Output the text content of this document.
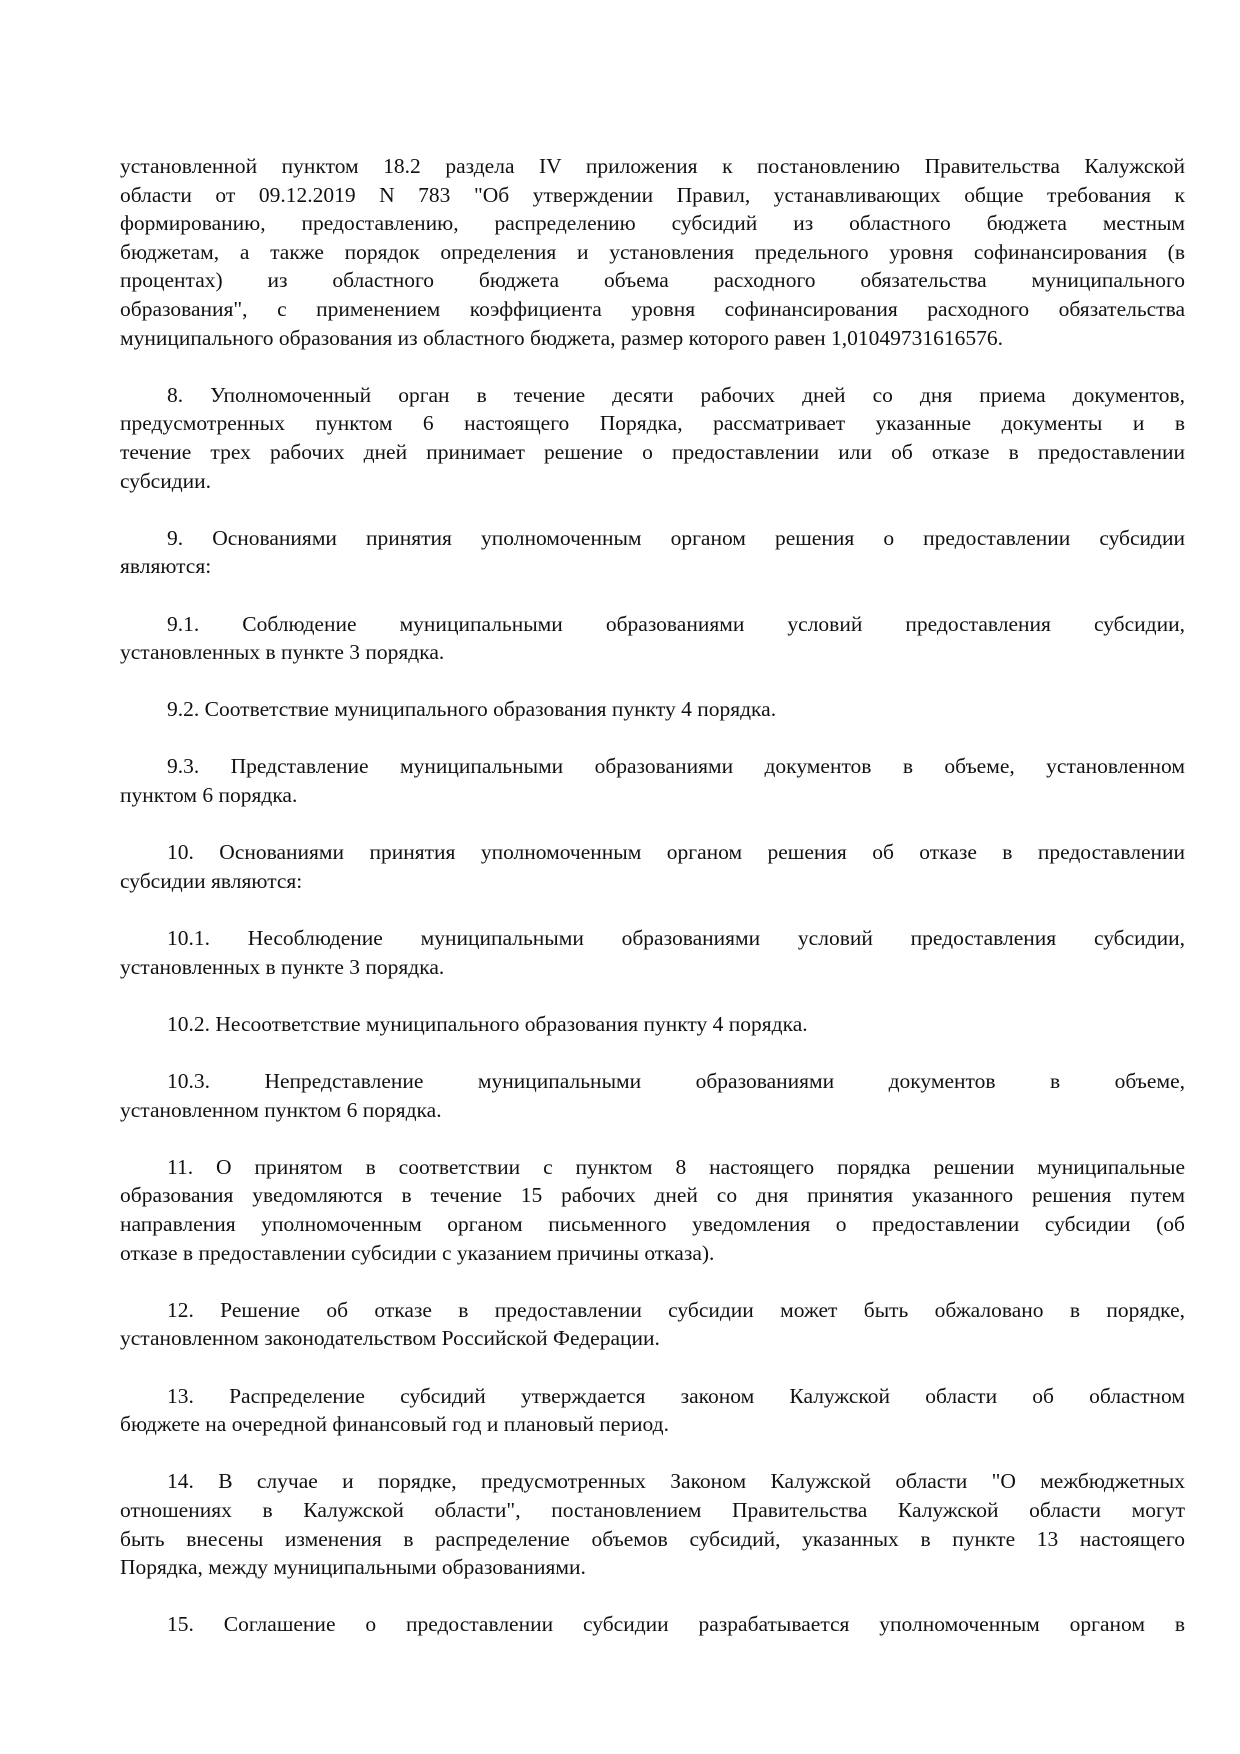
установленной пунктом 18.2 раздела IV приложения к постановлению Правительства Калужской
области от 09.12.2019 N 783 "Об утверждении Правил, устанавливающих общие требования к
формированию, предоставлению, распределению субсидий из областного бюджета местным
бюджетам, а также порядок определения и установления предельного уровня софинансирования (в
процентах) из областного бюджета объема расходного обязательства муниципального
образования", с применением коэффициента уровня софинансирования расходного обязательства
муниципального образования из областного бюджета, размер которого равен 1,01049731616576.
8. Уполномоченный орган в течение десяти рабочих дней со дня приема документов,
предусмотренных пунктом 6 настоящего Порядка, рассматривает указанные документы и в
течение трех рабочих дней принимает решение о предоставлении или об отказе в предоставлении
субсидии.
9. Основаниями принятия уполномоченным органом решения о предоставлении субсидии
являются:
9.1. Соблюдение муниципальными образованиями условий предоставления субсидии,
установленных в пункте 3 порядка.
9.2. Соответствие муниципального образования пункту 4 порядка.
9.3. Представление муниципальными образованиями документов в объеме, установленном
пунктом 6 порядка.
10. Основаниями принятия уполномоченным органом решения об отказе в предоставлении
субсидии являются:
10.1. Несоблюдение муниципальными образованиями условий предоставления субсидии,
установленных в пункте 3 порядка.
10.2. Несоответствие муниципального образования пункту 4 порядка.
10.3. Непредставление муниципальными образованиями документов в объеме,
установленном пунктом 6 порядка.
11. О принятом в соответствии с пунктом 8 настоящего порядка решении муниципальные
образования уведомляются в течение 15 рабочих дней со дня принятия указанного решения путем
направления уполномоченным органом письменного уведомления о предоставлении субсидии (об
отказе в предоставлении субсидии с указанием причины отказа).
12. Решение об отказе в предоставлении субсидии может быть обжаловано в порядке,
установленном законодательством Российской Федерации.
13. Распределение субсидий утверждается законом Калужской области об областном
бюджете на очередной финансовый год и плановый период.
14. В случае и порядке, предусмотренных Законом Калужской области "О межбюджетных
отношениях в Калужской области", постановлением Правительства Калужской области могут
быть внесены изменения в распределение объемов субсидий, указанных в пункте 13 настоящего
Порядка, между муниципальными образованиями.
15. Соглашение о предоставлении субсидии разрабатывается уполномоченным органом в
